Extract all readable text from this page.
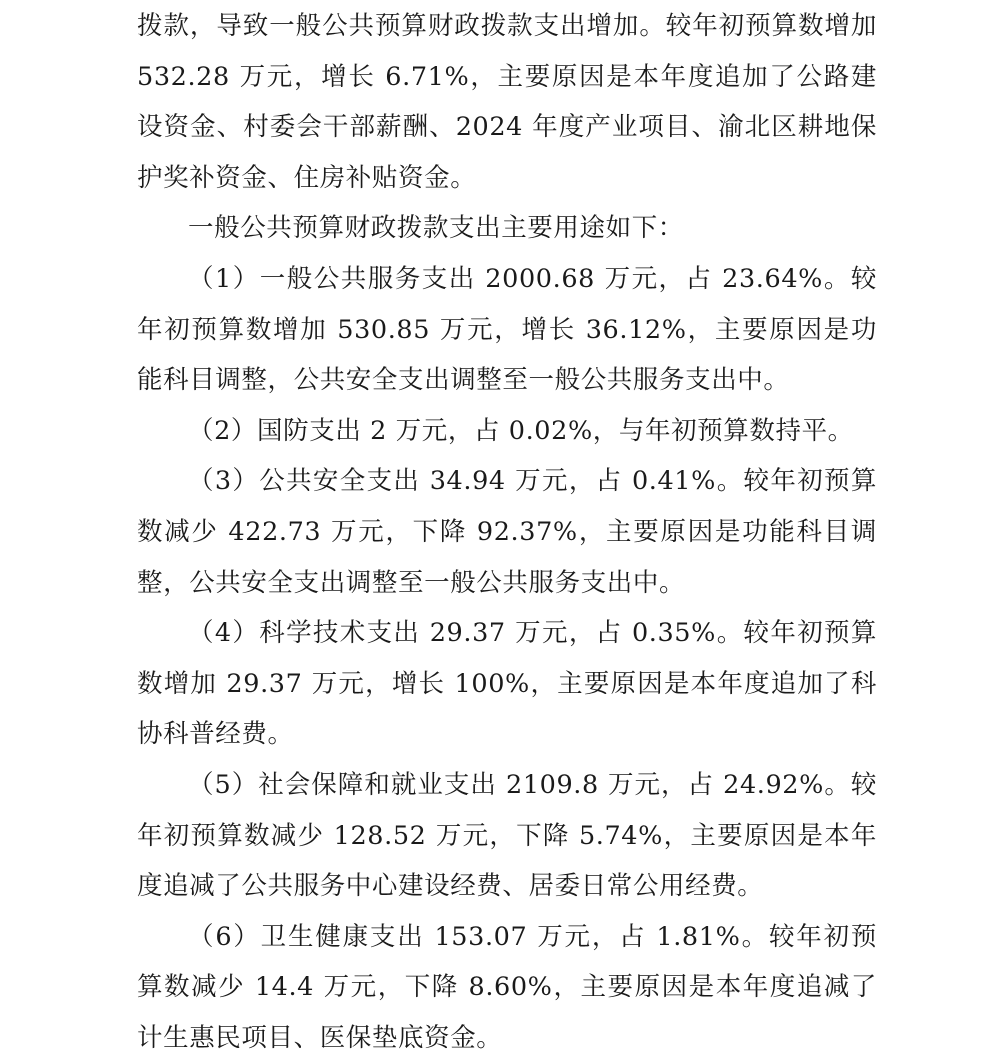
拨款，导致一般公共预算财政拨款支出增加。较年初预算数增加 532.28 万元，增长 6.71%，主要原因是本年度追加了公路建设资金、村委会干部薪酬、2024 年度产业项目、渝北区耕地保护奖补资金、住房补贴资金。

一般公共预算财政拨款支出主要用途如下：

（1）一般公共服务支出 2000.68 万元，占 23.64%。较年初预算数增加 530.85 万元，增长 36.12%，主要原因是功能科目调整，公共安全支出调整至一般公共服务支出中。

（2）国防支出 2 万元，占 0.02%，与年初预算数持平。

（3）公共安全支出 34.94 万元，占 0.41%。较年初预算数减少 422.73 万元，下降 92.37%，主要原因是功能科目调整，公共安全支出调整至一般公共服务支出中。

（4）科学技术支出 29.37 万元，占 0.35%。较年初预算数增加 29.37 万元，增长 100%，主要原因是本年度追加了科协科普经费。

（5）社会保障和就业支出 2109.8 万元，占 24.92%。较年初预算数减少 128.52 万元，下降 5.74%，主要原因是本年度追减了公共服务中心建设经费、居委日常公用经费。

（6）卫生健康支出 153.07 万元，占 1.81%。较年初预算数减少 14.4 万元，下降 8.60%，主要原因是本年度追减了计生惠民项目、医保垫底资金。
